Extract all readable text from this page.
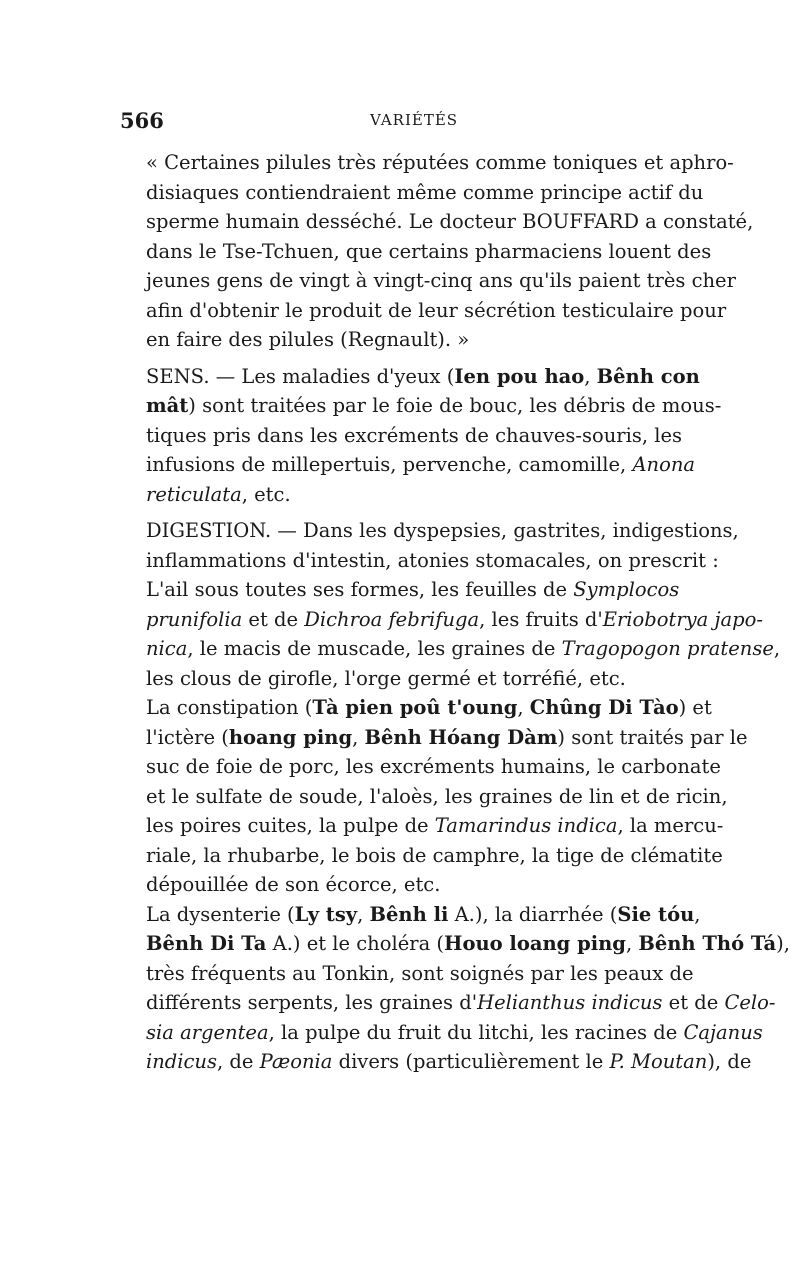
566	VARIÉTÉS

« Certaines pilules très réputées comme toniques et aphro-
disiaques contiendraient même comme principe actif du
sperme humain desséché. Le docteur BOUFFARD a constaté,
dans le Tse-Tchuen, que certains pharmaciens louent des
jeunes gens de vingt à vingt-cinq ans qu'ils paient très cher
afin d'obtenir le produit de leur sécrétion testiculaire pour
en faire des pilules (Regnault). »

SENS. — Les maladies d'yeux (Ien pou hao, Bênh con
mât) sont traitées par le foie de bouc, les débris de mous-
tiques pris dans les excréments de chauves-souris, les
infusions de millepertuis, pervenche, camomille, Anona
reticulata, etc.

DIGESTION. — Dans les dyspepsies, gastrites, indigestions,
inflammations d'intestin, atonies stomacales, on prescrit :

L'ail sous toutes ses formes, les feuilles de Symplocos
prunifolia et de Dichroa febrifuga, les fruits d'Eriobotrya japo-
nica, le macis de muscade, les graines de Tragopogon pratense,
les clous de girofle, l'orge germé et torréfié, etc.

La constipation (Tà pien poû t'oung, Chûng Di Tào) et
l'ictère (hoang ping, Bênh Hóang Dàm) sont traités par le
suc de foie de porc, les excréments humains, le carbonate
et le sulfate de soude, l'aloès, les graines de lin et de ricin,
les poires cuites, la pulpe de Tamarindus indica, la mercu-
riale, la rhubarbe, le bois de camphre, la tige de clématite
dépouillée de son écorce, etc.

La dysenterie (Ly tsy, Bênh li A.), la diarrhée (Sie tóu,
Bênh Di Ta A.) et le choléra (Houo loang ping, Bênh Thó Tá),
très fréquents au Tonkin, sont soignés par les peaux de
différents serpents, les graines d'Helianthus indicus et de Celo-
sia argentea, la pulpe du fruit du litchi, les racines de Cajanus
indicus, de Pæonia divers (particulièrement le P. Moutan), de
